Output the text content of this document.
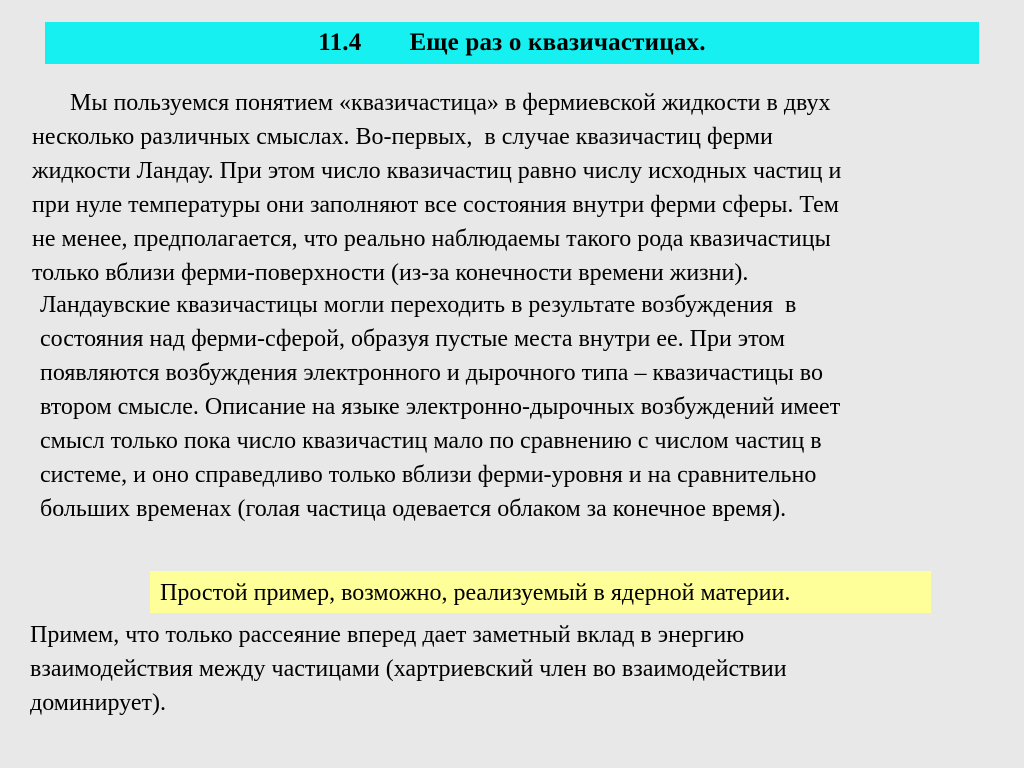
11.4 Еще раз о квазичастицах.
Мы пользуемся понятием «квазичастица» в фермиевской жидкости в двух
несколько различных смыслах. Во-первых,  в случае квазичастиц ферми
жидкости Ландау. При этом число квазичастиц равно числу исходных частиц и
при нуле температуры они заполняют все состояния внутри ферми сферы. Тем
не менее, предполагается, что реально наблюдаемы такого рода квазичастицы
только вблизи ферми-поверхности (из-за конечности времени жизни).
Ландаувские квазичастицы могли переходить в результате возбуждения  в
состояния над ферми-сферой, образуя пустые места внутри ее. При этом
появляются возбуждения электронного и дырочного типа – квазичастицы во
втором смысле. Описание на языке электронно-дырочных возбуждений имеет
смысл только пока число квазичастиц мало по сравнению с числом частиц в
системе, и оно справедливо только вблизи ферми-уровня и на сравнительно
больших временах (голая частица одевается облаком за конечное время).
Простой пример, возможно, реализуемый в ядерной материи.
Примем, что только рассеяние вперед дает заметный вклад в энергию
взаимодействия между частицами (хартриевский член во взаимодействии
доминирует).
